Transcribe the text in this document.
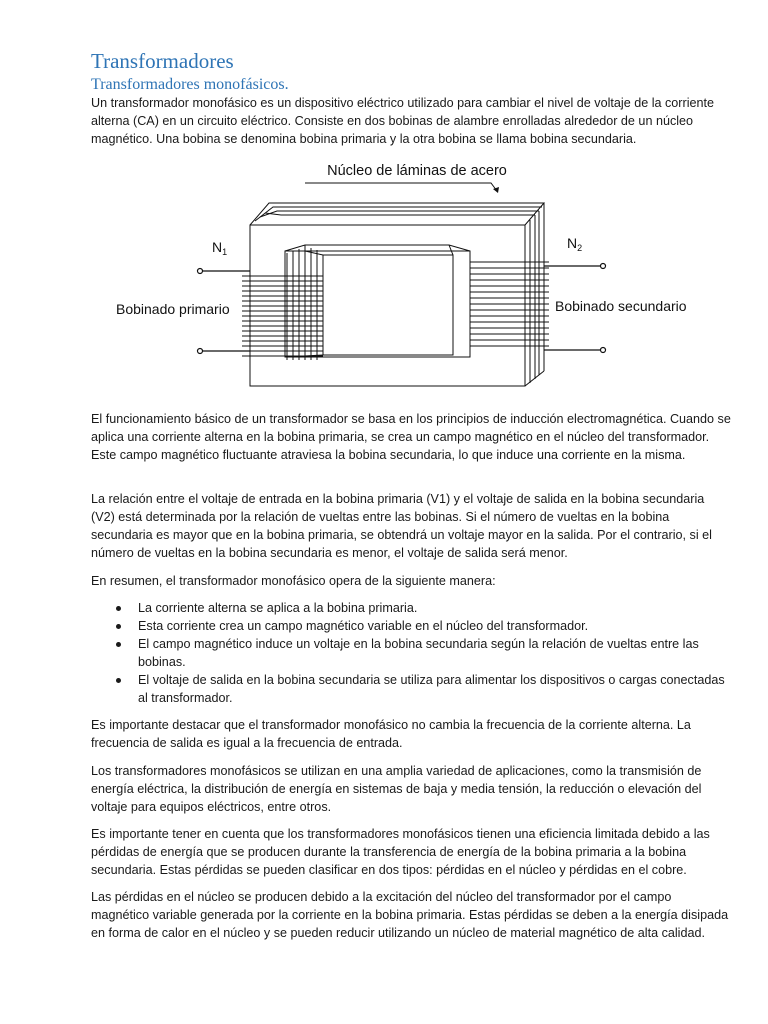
Transformadores
Transformadores monofásicos.

Un transformador monofásico es un dispositivo eléctrico utilizado para cambiar el nivel de voltaje de la corriente alterna (CA) en un circuito eléctrico. Consiste en dos bobinas de alambre enrolladas alrededor de un núcleo magnético. Una bobina se denomina bobina primaria y la otra bobina se llama bobina secundaria.

Núcleo de láminas de acero
$N_1$
$N_2$
Bobinado primario	Bobinado secundario

El funcionamiento básico de un transformador se basa en los principios de inducción electromagnética. Cuando se aplica una corriente alterna en la bobina primaria, se crea un campo magnético en el núcleo del transformador. Este campo magnético fluctuante atraviesa la bobina secundaria, lo que induce una corriente en la misma.

La relación entre el voltaje de entrada en la bobina primaria (V1) y el voltaje de salida en la bobina secundaria (V2) está determinada por la relación de vueltas entre las bobinas. Si el número de vueltas en la bobina secundaria es mayor que en la bobina primaria, se obtendrá un voltaje mayor en la salida. Por el contrario, si el número de vueltas en la bobina secundaria es menor, el voltaje de salida será menor.

En resumen, el transformador monofásico opera de la siguiente manera:

La corriente alterna se aplica a la bobina primaria.
Esta corriente crea un campo magnético variable en el núcleo del transformador.
El campo magnético induce un voltaje en la bobina secundaria según la relación de vueltas entre las bobinas.
El voltaje de salida en la bobina secundaria se utiliza para alimentar los dispositivos o cargas conectadas al transformador.

Es importante destacar que el transformador monofásico no cambia la frecuencia de la corriente alterna. La frecuencia de salida es igual a la frecuencia de entrada.

Los transformadores monofásicos se utilizan en una amplia variedad de aplicaciones, como la transmisión de energía eléctrica, la distribución de energía en sistemas de baja y media tensión, la reducción o elevación del voltaje para equipos eléctricos, entre otros.

Es importante tener en cuenta que los transformadores monofásicos tienen una eficiencia limitada debido a las pérdidas de energía que se producen durante la transferencia de energía de la bobina primaria a la bobina secundaria. Estas pérdidas se pueden clasificar en dos tipos: pérdidas en el núcleo y pérdidas en el cobre.

Las pérdidas en el núcleo se producen debido a la excitación del núcleo del transformador por el campo magnético variable generada por la corriente en la bobina primaria. Estas pérdidas se deben a la energía disipada en forma de calor en el núcleo y se pueden reducir utilizando un núcleo de material magnético de alta calidad.
